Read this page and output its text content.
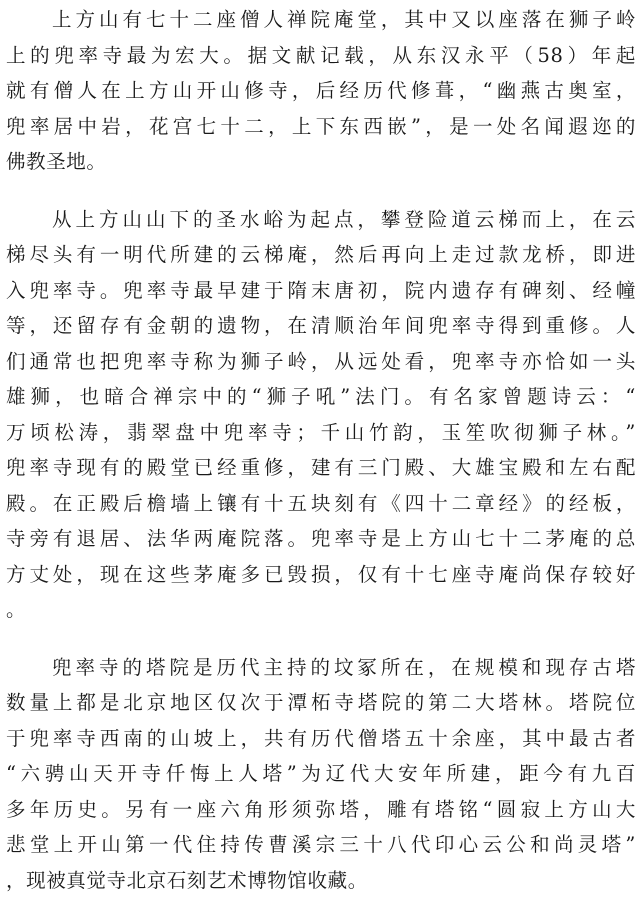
上方山有七十二座僧人禅院庵堂，其中又以座落在狮子岭
上的兜率寺最为宏大。据文献记载，从东汉永平（58）年起
就有僧人在上方山开山修寺，后经历代修葺，“幽燕古奥室，
兜率居中岩，花宫七十二，上下东西嵌”，是一处名闻遐迩的
佛教圣地。
从上方山山下的圣水峪为起点，攀登险道云梯而上，在云
梯尽头有一明代所建的云梯庵，然后再向上走过款龙桥，即进
入兜率寺。兜率寺最早建于隋末唐初，院内遗存有碑刻、经幢
等，还留存有金朝的遗物，在清顺治年间兜率寺得到重修。人
们通常也把兜率寺称为狮子岭，从远处看，兜率寺亦恰如一头
雄狮，也暗合禅宗中的“狮子吼”法门。有名家曾题诗云：“
万顷松涛，翡翠盘中兜率寺；千山竹韵，玉笙吹彻狮子林。”
兜率寺现有的殿堂已经重修，建有三门殿、大雄宝殿和左右配
殿。在正殿后檐墙上镶有十五块刻有《四十二章经》的经板，
寺旁有退居、法华两庵院落。兜率寺是上方山七十二茅庵的总
方丈处，现在这些茅庵多已毁损，仅有十七座寺庵尚保存较好
。
兜率寺的塔院是历代主持的坟冢所在，在规模和现存古塔
数量上都是北京地区仅次于潭柘寺塔院的第二大塔林。塔院位
于兜率寺西南的山坡上，共有历代僧塔五十余座，其中最古者
“六骋山天开寺仟悔上人塔”为辽代大安年所建，距今有九百
多年历史。另有一座六角形须弥塔，雕有塔铭“圆寂上方山大
悲堂上开山第一代住持传曹溪宗三十八代印心云公和尚灵塔”
，现被真觉寺北京石刻艺术博物馆收藏。
